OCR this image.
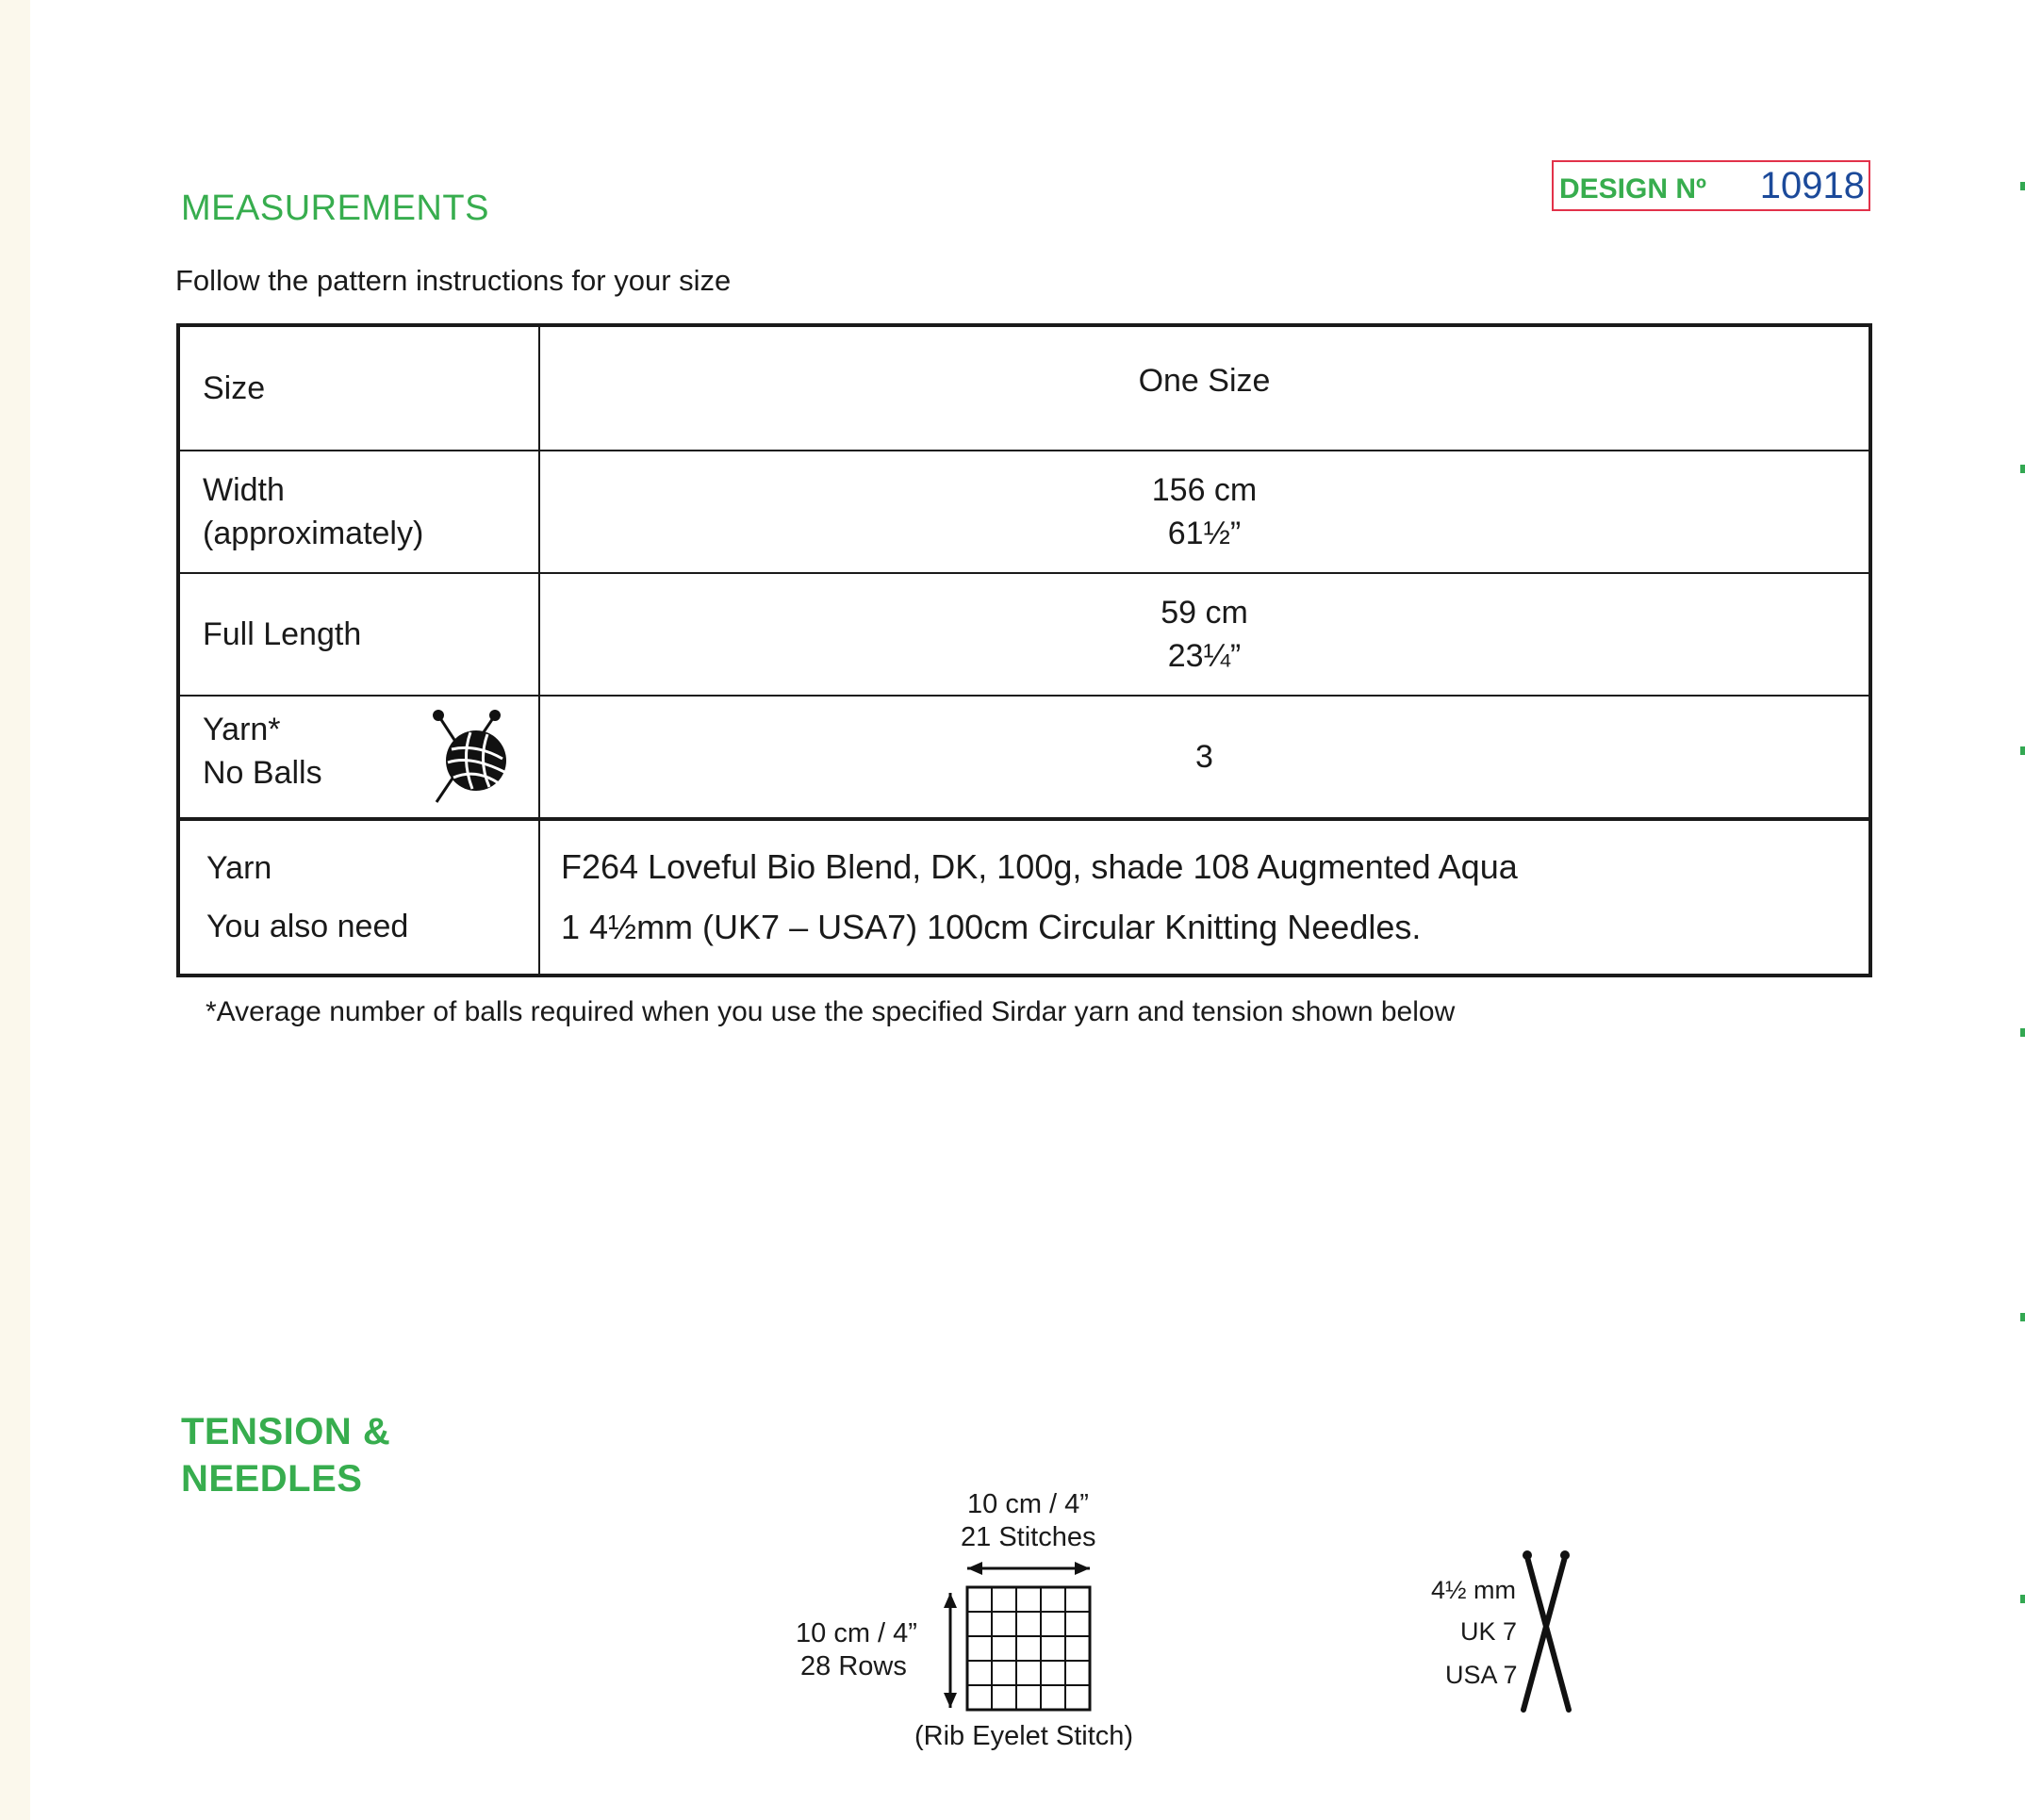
MEASUREMENTS	DESIGN Nº 10918
Follow the pattern instructions for your size
Size	One Size

Width
(approximately)	156 cm
61½”

Full Length	59 cm
23¼”

Yarn*
No Balls	3

Yarn
You also need	F264 Loveful Bio Blend, DK, 100g, shade 108 Augmented Aqua
1 4½mm (UK7 – USA7) 100cm Circular Knitting Needles.
*Average number of balls required when you use the specified Sirdar yarn and tension shown below
TENSION &
NEEDLES
10 cm / 4”
21 Stitches
10 cm / 4”
28 Rows
(Rib Eyelet Stitch)
4½ mm
UK 7
USA 7
